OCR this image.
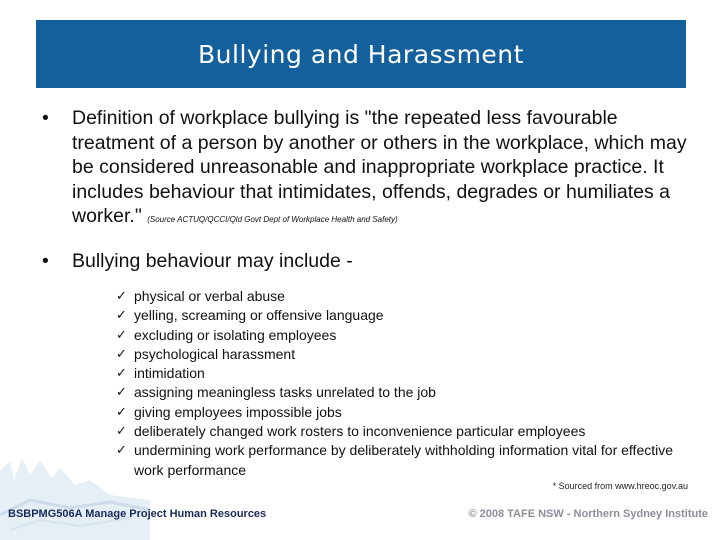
Bullying and Harassment

• Definition of workplace bullying is "the repeated less favourable treatment of a person by another or others in the workplace, which may be considered unreasonable and inappropriate workplace practice. It includes behaviour that intimidates, offends, degrades or humiliates a worker." (Source ACTUQ/QCCI/Qld Govt Dept of Workplace Health and Safety)

• Bullying behaviour may include -

✓ physical or verbal abuse
✓ yelling, screaming or offensive language
✓ excluding or isolating employees
✓ psychological harassment
✓ intimidation
✓ assigning meaningless tasks unrelated to the job
✓ giving employees impossible jobs
✓ deliberately changed work rosters to inconvenience particular employees
✓ undermining work performance by deliberately withholding information vital for effective work performance
* Sourced from www.hreoc.gov.au
BSBPMG506A Manage Project Human Resources	© 2008 TAFE NSW - Northern Sydney Institute
